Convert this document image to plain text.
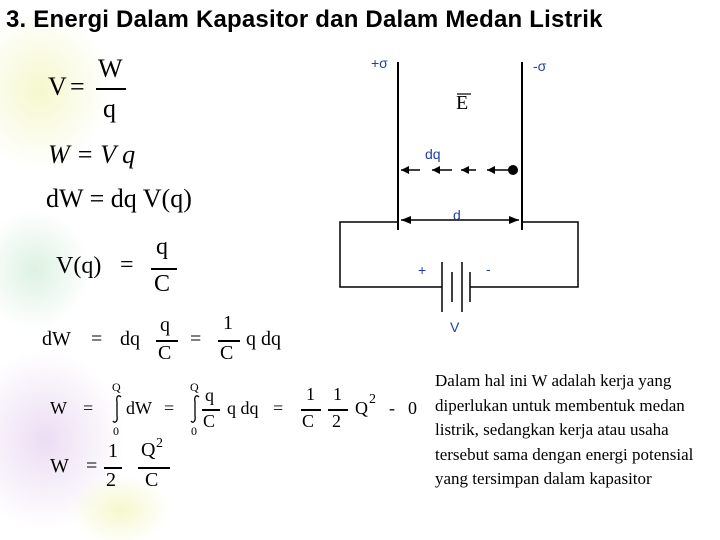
3. Energi Dalam Kapasitor dan Dalam Medan Listrik
V =
W
q
W = V q
dW = dq V(q)
V(q) =
q
C
dW = dq
q
C
=
1
C
q dq
W =
Q
0
dW =
Q
0
q
C
q dq =
1
C
1
2
Q 2 - 0
W =
1
2
Q 2
C
+σ	-σ
E
dq
d
+	-
V
Dalam hal ini W adalah kerja yang diperlukan untuk membentuk medan listrik, sedangkan kerja atau usaha tersebut sama dengan energi potensial yang tersimpan dalam kapasitor
